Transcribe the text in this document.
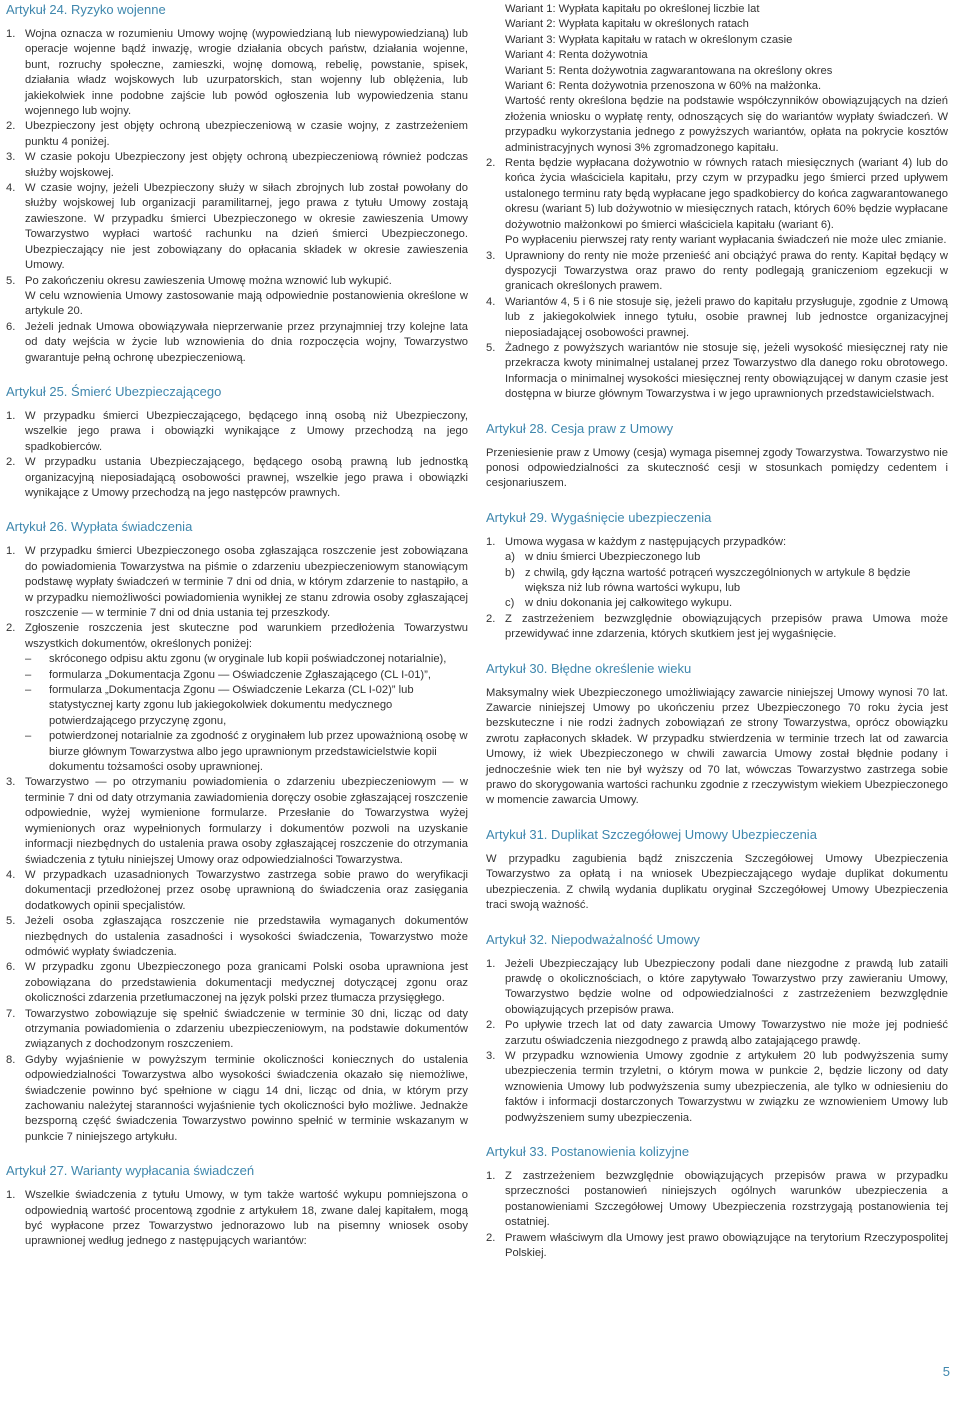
Artykuł 24. Ryzyko wojenne
1. Wojna oznacza w rozumieniu Umowy wojnę (wypowiedzianą lub niewypowiedzianą) lub operacje wojenne bądź inwazję, wrogie działania obcych państw, działania wojenne, bunt, rozruchy społeczne, zamieszki, wojnę domową, rebelię, powstanie, spisek, działania władz wojskowych lub uzurpatorskich, stan wojenny lub oblężenia, lub jakiekolwiek inne podobne zajście lub powód ogłoszenia lub wypowiedzenia stanu wojennego lub wojny.
2. Ubezpieczony jest objęty ochroną ubezpieczeniową w czasie wojny, z zastrzeżeniem punktu 4 poniżej.
3. W czasie pokoju Ubezpieczony jest objęty ochroną ubezpieczeniową również podczas służby wojskowej.
4. W czasie wojny, jeżeli Ubezpieczony służy w siłach zbrojnych lub został powołany do służby wojskowej lub organizacji paramilitarnej, jego prawa z tytułu Umowy zostają zawieszone. W przypadku śmierci Ubezpieczonego w okresie zawieszenia Umowy Towarzystwo wypłaci wartość rachunku na dzień śmierci Ubezpieczonego. Ubezpieczający nie jest zobowiązany do opłacania składek w okresie zawieszenia Umowy.
5. Po zakończeniu okresu zawieszenia Umowę można wznowić lub wykupić.

W celu wznowienia Umowy zastosowanie mają odpowiednie postanowienia określone w artykule 20.

6. Jeżeli jednak Umowa obowiązywała nieprzerwanie przez przynajmniej trzy kolejne lata od daty wejścia w życie lub wznowienia do dnia rozpoczęcia wojny, Towarzystwo gwarantuje pełną ochronę ubezpieczeniową.
Artykuł 25. Śmierć Ubezpieczającego
1. W przypadku śmierci Ubezpieczającego, będącego inną osobą niż Ubezpieczony, wszelkie jego prawa i obowiązki wynikające z Umowy przechodzą na jego spadkobierców.
2. W przypadku ustania Ubezpieczającego, będącego osobą prawną lub jednostką organizacyjną nieposiadającą osobowości prawnej, wszelkie jego prawa i obowiązki wynikające z Umowy przechodzą na jego następców prawnych.
Artykuł 26. Wypłata świadczenia
1. W przypadku śmierci Ubezpieczonego osoba zgłaszająca roszczenie jest zobowiązana do powiadomienia Towarzystwa na piśmie o zdarzeniu ubezpieczeniowym stanowiącym podstawę wypłaty świadczeń w terminie 7 dni od dnia, w którym zdarzenie to nastąpiło, a w przypadku niemożliwości powiadomienia wynikłej ze stanu zdrowia osoby zgłaszającej roszczenie — w terminie 7 dni od dnia ustania tej przeszkody.
2. Zgłoszenie roszczenia jest skuteczne pod warunkiem przedłożenia Towarzystwu wszystkich dokumentów, określonych poniżej:
–	skróconego odpisu aktu zgonu (w oryginale lub kopii poświadczonej notarialnie),
–	formularza „Dokumentacja Zgonu — Oświadczenie Zgłaszającego (CL I-01)”,
–	formularza „Dokumentacja Zgonu — Oświadczenie Lekarza (CL I-02)” lub statystycznej karty zgonu lub jakiegokolwiek dokumentu medycznego potwierdzającego przyczynę zgonu,
–	potwierdzonej notarialnie za zgodność z oryginałem lub przez upoważnioną osobę w biurze głównym Towarzystwa albo jego uprawnionym przedstawicielstwie kopii dokumentu tożsamości osoby uprawnionej.
3. Towarzystwo — po otrzymaniu powiadomienia o zdarzeniu ubezpieczeniowym — w terminie 7 dni od daty otrzymania zawiadomienia doręczy osobie zgłaszającej roszczenie odpowiednie, wyżej wymienione formularze. Przesłanie do Towarzystwa wyżej wymienionych oraz wypełnionych formularzy i dokumentów pozwoli na uzyskanie informacji niezbędnych do ustalenia prawa osoby zgłaszającej roszczenie do otrzymania świadczenia z tytułu niniejszej Umowy oraz odpowiedzialności Towarzystwa.
4. W przypadkach uzasadnionych Towarzystwo zastrzega sobie prawo do weryfikacji dokumentacji przedłożonej przez osobę uprawnioną do świadczenia oraz zasięgania dodatkowych opinii specjalistów.
5. Jeżeli osoba zgłaszająca roszczenie nie przedstawiła wymaganych dokumentów niezbędnych do ustalenia zasadności i wysokości świadczenia, Towarzystwo może odmówić wypłaty świadczenia.
6. W przypadku zgonu Ubezpieczonego poza granicami Polski osoba uprawniona jest zobowiązana do przedstawienia dokumentacji medycznej dotyczącej zgonu oraz okoliczności zdarzenia przetłumaczonej na język polski przez tłumacza przysięgłego.
7. Towarzystwo zobowiązuje się spełnić świadczenie w terminie 30 dni, licząc od daty otrzymania powiadomienia o zdarzeniu ubezpieczeniowym, na podstawie dokumentów związanych z dochodzonym roszczeniem.
8. Gdyby wyjaśnienie w powyższym terminie okoliczności koniecznych do ustalenia odpowiedzialności Towarzystwa albo wysokości świadczenia okazało się niemożliwe, świadczenie powinno być spełnione w ciągu 14 dni, licząc od dnia, w którym przy zachowaniu należytej staranności wyjaśnienie tych okoliczności było możliwe. Jednakże bezsporną część świadczenia Towarzystwo powinno spełnić w terminie wskazanym w punkcie 7 niniejszego artykułu.
Artykuł 27. Warianty wypłacania świadczeń
1. Wszelkie świadczenia z tytułu Umowy, w tym także wartość wykupu pomniejszona o odpowiednią wartość procentową zgodnie z artykułem 18, zwane dalej kapitałem, mogą być wypłacone przez Towarzystwo jednorazowo lub na pisemny wniosek osoby uprawnionej według jednego z następujących wariantów:
Wariant 1: Wypłata kapitału po określonej liczbie lat
Wariant 2: Wypłata kapitału w określonych ratach
Wariant 3: Wypłata kapitału w ratach w określonym czasie
Wariant 4: Renta dożywotnia
Wariant 5: Renta dożywotnia zagwarantowana na określony okres
Wariant 6: Renta dożywotnia przenoszona w 60% na małżonka.

Wartość renty określona będzie na podstawie współczynników obowiązujących na dzień złożenia wniosku o wypłatę renty, odnoszących się do wariantów wypłaty świadczeń. W przypadku wykorzystania jednego z powyższych wariantów, opłata na pokrycie kosztów administracyjnych wynosi 3% zgromadzonego kapitału.

2. Renta będzie wypłacana dożywotnio w równych ratach miesięcznych (wariant 4) lub do końca życia właściciela kapitału, przy czym w przypadku jego śmierci przed upływem ustalonego terminu raty będą wypłacane jego spadkobiercy do końca zagwarantowanego okresu (wariant 5) lub dożywotnio w miesięcznych ratach, których 60% będzie wypłacane dożywotnio małżonkowi po śmierci właściciela kapitału (wariant 6).

Po wypłaceniu pierwszej raty renty wariant wypłacania świadczeń nie może ulec zmianie.

3. Uprawniony do renty nie może przenieść ani obciążyć prawa do renty. Kapitał będący w dyspozycji Towarzystwa oraz prawo do renty podlegają graniczeniom egzekucji w granicach określonych prawem.
4. Wariantów 4, 5 i 6 nie stosuje się, jeżeli prawo do kapitału przysługuje, zgodnie z Umową lub z jakiegokolwiek innego tytułu, osobie prawnej lub jednostce organizacyjnej nieposiadającej osobowości prawnej.
5. Żadnego z powyższych wariantów nie stosuje się, jeżeli wysokość miesięcznej raty nie przekracza kwoty minimalnej ustalanej przez Towarzystwo dla danego roku obrotowego. Informacja o minimalnej wysokości miesięcznej renty obowiązującej w danym czasie jest dostępna w biurze głównym Towarzystwa i w jego uprawnionych przedstawicielstwach.
Artykuł 28. Cesja praw z Umowy

Przeniesienie praw z Umowy (cesja) wymaga pisemnej zgody Towarzystwa. Towarzystwo nie ponosi odpowiedzialności za skuteczność cesji w stosunkach pomiędzy cedentem i cesjonariuszem.

Artykuł 29. Wygaśnięcie ubezpieczenia
1. Umowa wygasa w każdym z następujących przypadków:
a) w dniu śmierci Ubezpieczonego lub
b) z chwilą, gdy łączna wartość potrąceń wyszczególnionych w artykule 8 będzie większa niż lub równa wartości wykupu, lub
c) w dniu dokonania jej całkowitego wykupu.
2. Z zastrzeżeniem bezwzględnie obowiązujących przepisów prawa Umowa może przewidywać inne zdarzenia, których skutkiem jest jej wygaśnięcie.
Artykuł 30. Błędne określenie wieku

Maksymalny wiek Ubezpieczonego umożliwiający zawarcie niniejszej Umowy wynosi 70 lat. Zawarcie niniejszej Umowy po ukończeniu przez Ubezpieczonego 70 roku życia jest bezskuteczne i nie rodzi żadnych zobowiązań ze strony Towarzystwa, oprócz obowiązku zwrotu zapłaconych składek. W przypadku stwierdzenia w terminie trzech lat od zawarcia Umowy, iż wiek Ubezpieczonego w chwili zawarcia Umowy został błędnie podany i jednocześnie wiek ten nie był wyższy od 70 lat, wówczas Towarzystwo zastrzega sobie prawo do skorygowania wartości rachunku zgodnie z rzeczywistym wiekiem Ubezpieczonego w momencie zawarcia Umowy.

Artykuł 31. Duplikat Szczegółowej Umowy Ubezpieczenia

W przypadku zagubienia bądź zniszczenia Szczegółowej Umowy Ubezpieczenia Towarzystwo za opłatą i na wniosek Ubezpieczającego wydaje duplikat dokumentu ubezpieczenia. Z chwilą wydania duplikatu oryginał Szczegółowej Umowy Ubezpieczenia traci swoją ważność.

Artykuł 32. Niepodważalność Umowy
1. Jeżeli Ubezpieczający lub Ubezpieczony podali dane niezgodne z prawdą lub zataili prawdę o okolicznościach, o które zapytywało Towarzystwo przy zawieraniu Umowy, Towarzystwo będzie wolne od odpowiedzialności z zastrzeżeniem bezwzględnie obowiązujących przepisów prawa.
2. Po upływie trzech lat od daty zawarcia Umowy Towarzystwo nie może jej podnieść zarzutu oświadczenia niezgodnego z prawdą albo zatajającego prawdę.
3. W przypadku wznowienia Umowy zgodnie z artykułem 20 lub podwyższenia sumy ubezpieczenia termin trzyletni, o którym mowa w punkcie 2, będzie liczony od daty wznowienia Umowy lub podwyższenia sumy ubezpieczenia, ale tylko w odniesieniu do faktów i informacji dostarczonych Towarzystwu w związku ze wznowieniem Umowy lub podwyższeniem sumy ubezpieczenia.
Artykuł 33. Postanowienia kolizyjne
1. Z zastrzeżeniem bezwzględnie obowiązujących przepisów prawa w przypadku sprzeczności postanowień niniejszych ogólnych warunków ubezpieczenia a postanowieniami Szczegółowej Umowy Ubezpieczenia rozstrzygają postanowienia tej ostatniej.
2. Prawem właściwym dla Umowy jest prawo obowiązujące na terytorium Rzeczypospolitej Polskiej.
5
